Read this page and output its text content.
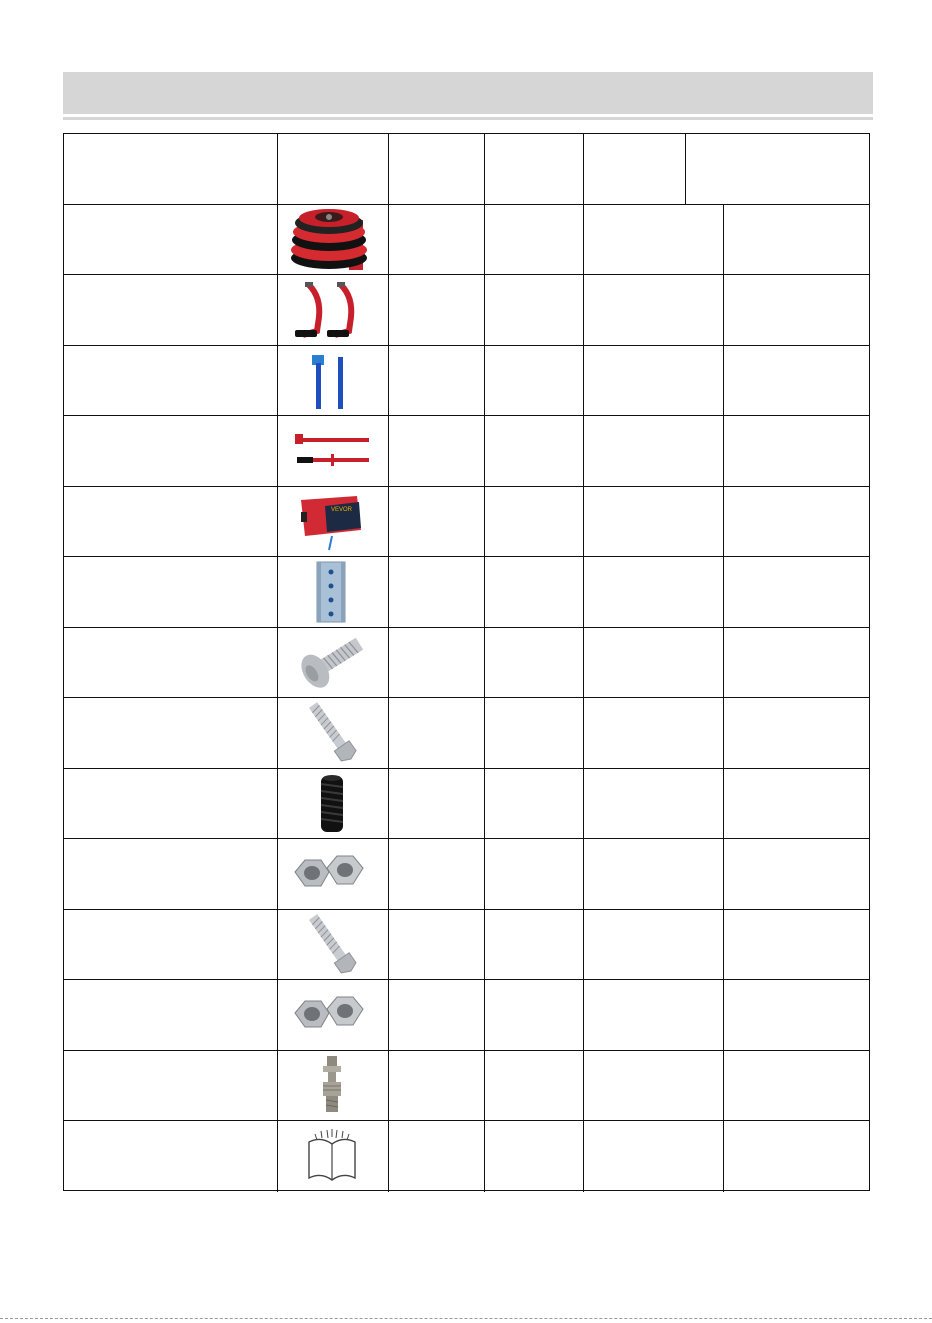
VEVOR
